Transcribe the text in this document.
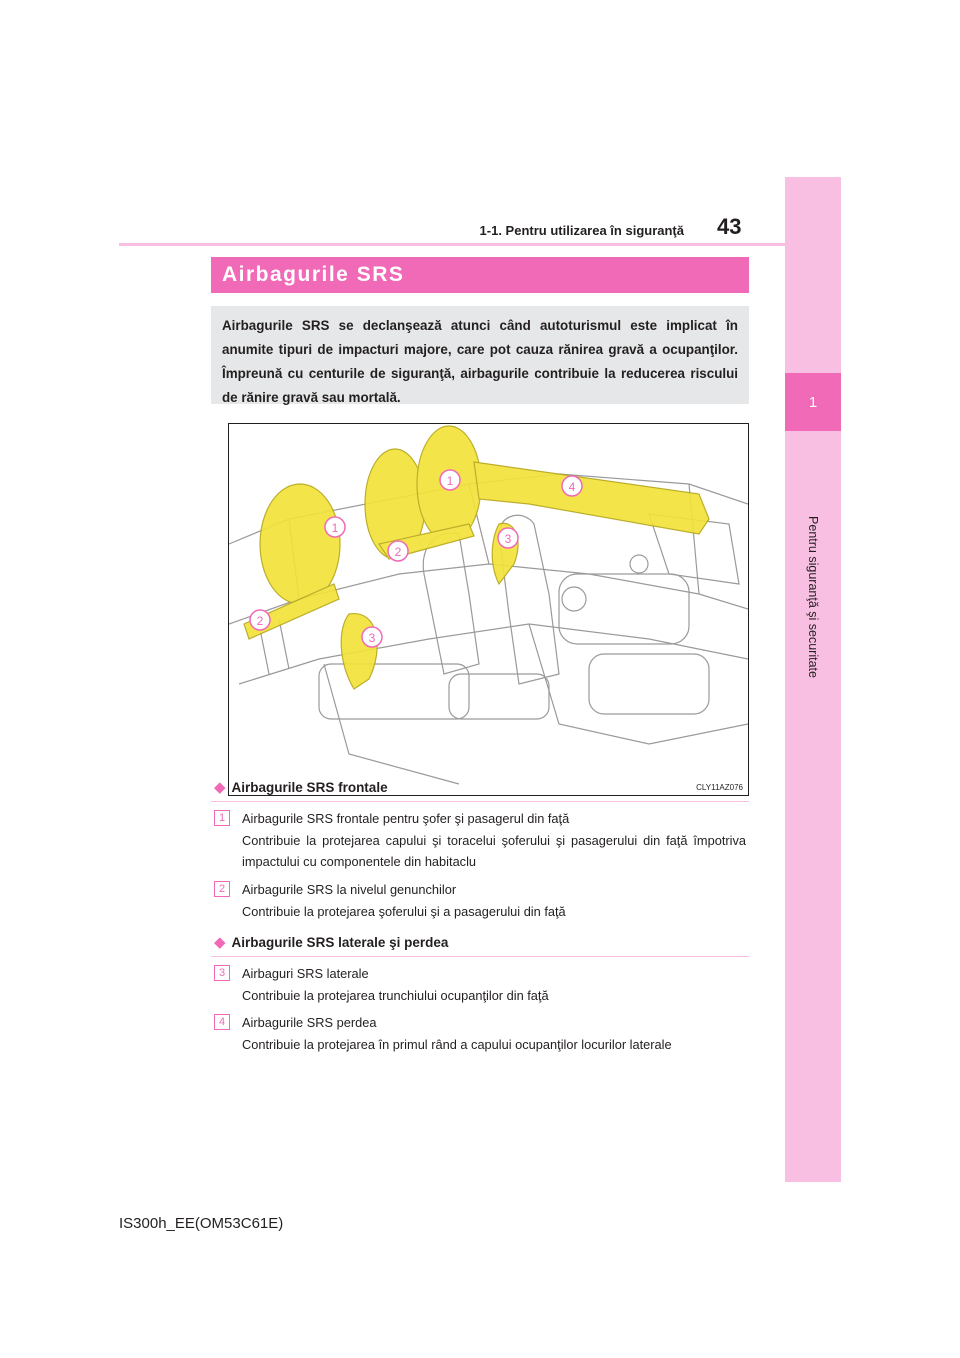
1
Pentru siguranţă şi securitate
1-1. Pentru utilizarea în siguranţă 43
Airbagurile SRS
Airbagurile SRS se declanşează atunci când autoturismul este implicat în anumite tipuri de impacturi majore, care pot cauza rănirea gravă a ocupanţilor. Împreună cu centurile de siguranţă, airbagurile contribuie la reducerea riscului de rănire gravă sau mortală.
1
1
2
2
3
3
4
CLY11AZ076
◆ Airbagurile SRS frontale
1	Airbagurile SRS frontale pentru şofer şi pasagerul din faţă
Contribuie la protejarea capului şi toracelui şoferului şi pasagerului din faţă împotriva impactului cu componentele din habitaclu
2	Airbagurile SRS la nivelul genunchilor
Contribuie la protejarea şoferului şi a pasagerului din faţă
◆ Airbagurile SRS laterale şi perdea
3	Airbaguri SRS laterale
Contribuie la protejarea trunchiului ocupanţilor din faţă
4	Airbagurile SRS perdea
Contribuie la protejarea în primul rând a capului ocupanţilor locurilor laterale
IS300h_EE(OM53C61E)
